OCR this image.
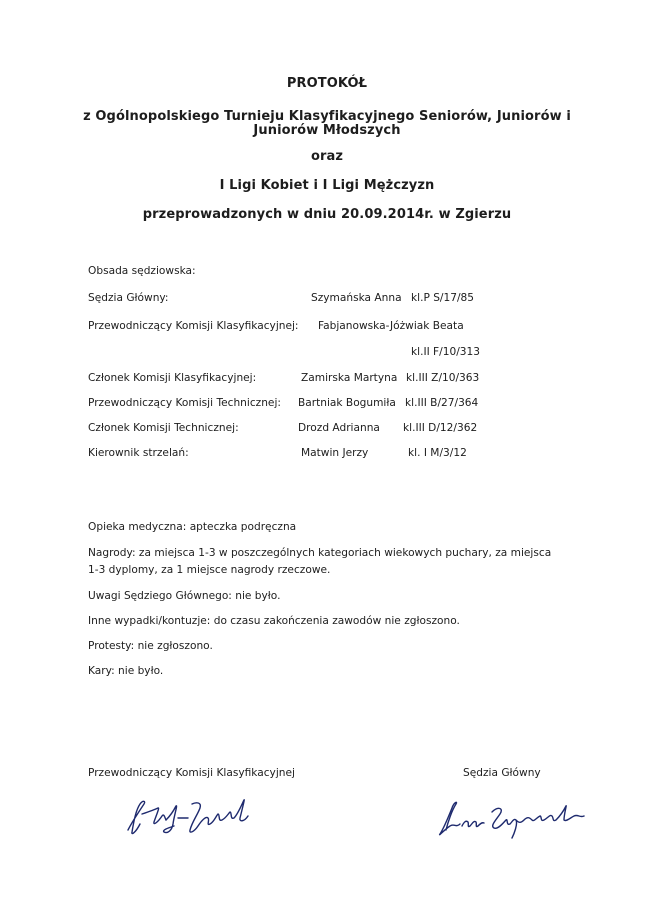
PROTOKÓŁ
z Ogólnopolskiego Turnieju Klasyfikacyjnego Seniorów, Juniorów i
Juniorów Młodszych
oraz
I Ligi Kobiet i I Ligi Mężczyzn
przeprowadzonych w dniu 20.09.2014r. w Zgierzu
Obsada sędziowska:
Sędzia Główny:	Szymańska Anna kl.P S/17/85
Przewodniczący Komisji Klasyfikacyjnej: Fabjanowska-Jóżwiak Beata
kl.II F/10/313
Członek Komisji Klasyfikacyjnej:	Zamirska Martyna kl.III Z/10/363
Przewodniczący Komisji Technicznej: Bartniak Bogumiła kl.III B/27/364
Członek Komisji Technicznej:	Drozd Adrianna kl.III D/12/362
Kierownik strzelań:	Matwin Jerzy	kl. I M/3/12
Opieka medyczna: apteczka podręczna
Nagrody: za miejsca 1-3 w poszczególnych kategoriach wiekowych puchary, za miejsca
1-3 dyplomy, za 1 miejsce nagrody rzeczowe.
Uwagi Sędziego Głównego: nie było.
Inne wypadki/kontuzje: do czasu zakończenia zawodów nie zgłoszono.
Protesty: nie zgłoszono.
Kary: nie było.
Przewodniczący Komisji Klasyfikacyjnej	Sędzia Główny
